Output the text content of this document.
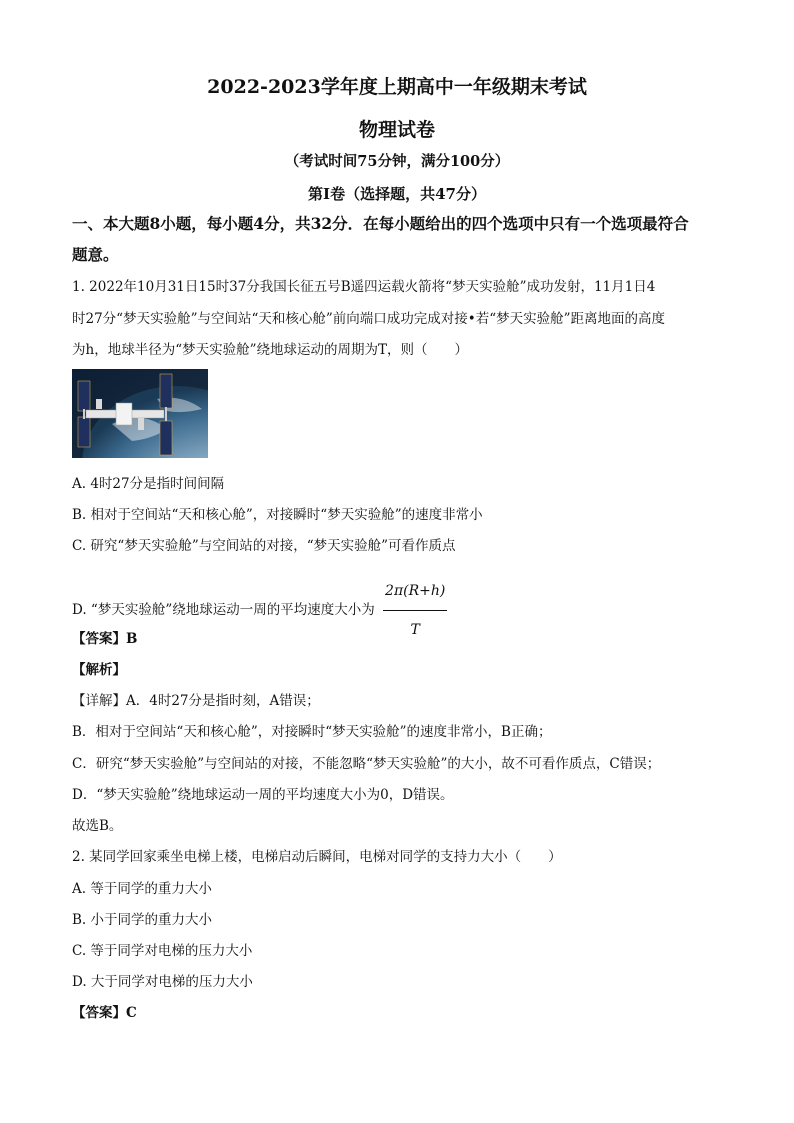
2022-2023学年度上期高中一年级期末考试
物理试卷
（考试时间75分钟，满分100分）
第I卷（选择题，共47分）
一、本大题8小题，每小题4分，共32分．在每小题给出的四个选项中只有一个选项最符合
题意。
1. 2022年10月31日15时37分我国长征五号B遥四运载火箭将“梦天实验舱”成功发射，11月1日4
时27分“梦天实验舱”与空间站“天和核心舱”前向端口成功完成对接•若“梦天实验舱”距离地面的高度
为h，地球半径为“梦天实验舱”绕地球运动的周期为T，则（　　）
A. 4时27分是指时间间隔
B. 相对于空间站“天和核心舱”，对接瞬时“梦天实验舱”的速度非常小
C. 研究“梦天实验舱”与空间站的对接，“梦天实验舱”可看作质点
D. “梦天实验舱”绕地球运动一周的平均速度大小为 $\frac{2\pi(R+h)}{T}$
【答案】B
【解析】
【详解】A．4时27分是指时刻，A错误；
B．相对于空间站“天和核心舱”，对接瞬时“梦天实验舱”的速度非常小，B正确；
C．研究“梦天实验舱”与空间站的对接，不能忽略“梦天实验舱”的大小，故不可看作质点，C错误；
D．“梦天实验舱”绕地球运动一周的平均速度大小为0，D错误。
故选B。
2. 某同学回家乘坐电梯上楼，电梯启动后瞬间，电梯对同学的支持力大小（　　）
A. 等于同学的重力大小
B. 小于同学的重力大小
C. 等于同学对电梯的压力大小
D. 大于同学对电梯的压力大小
【答案】C
